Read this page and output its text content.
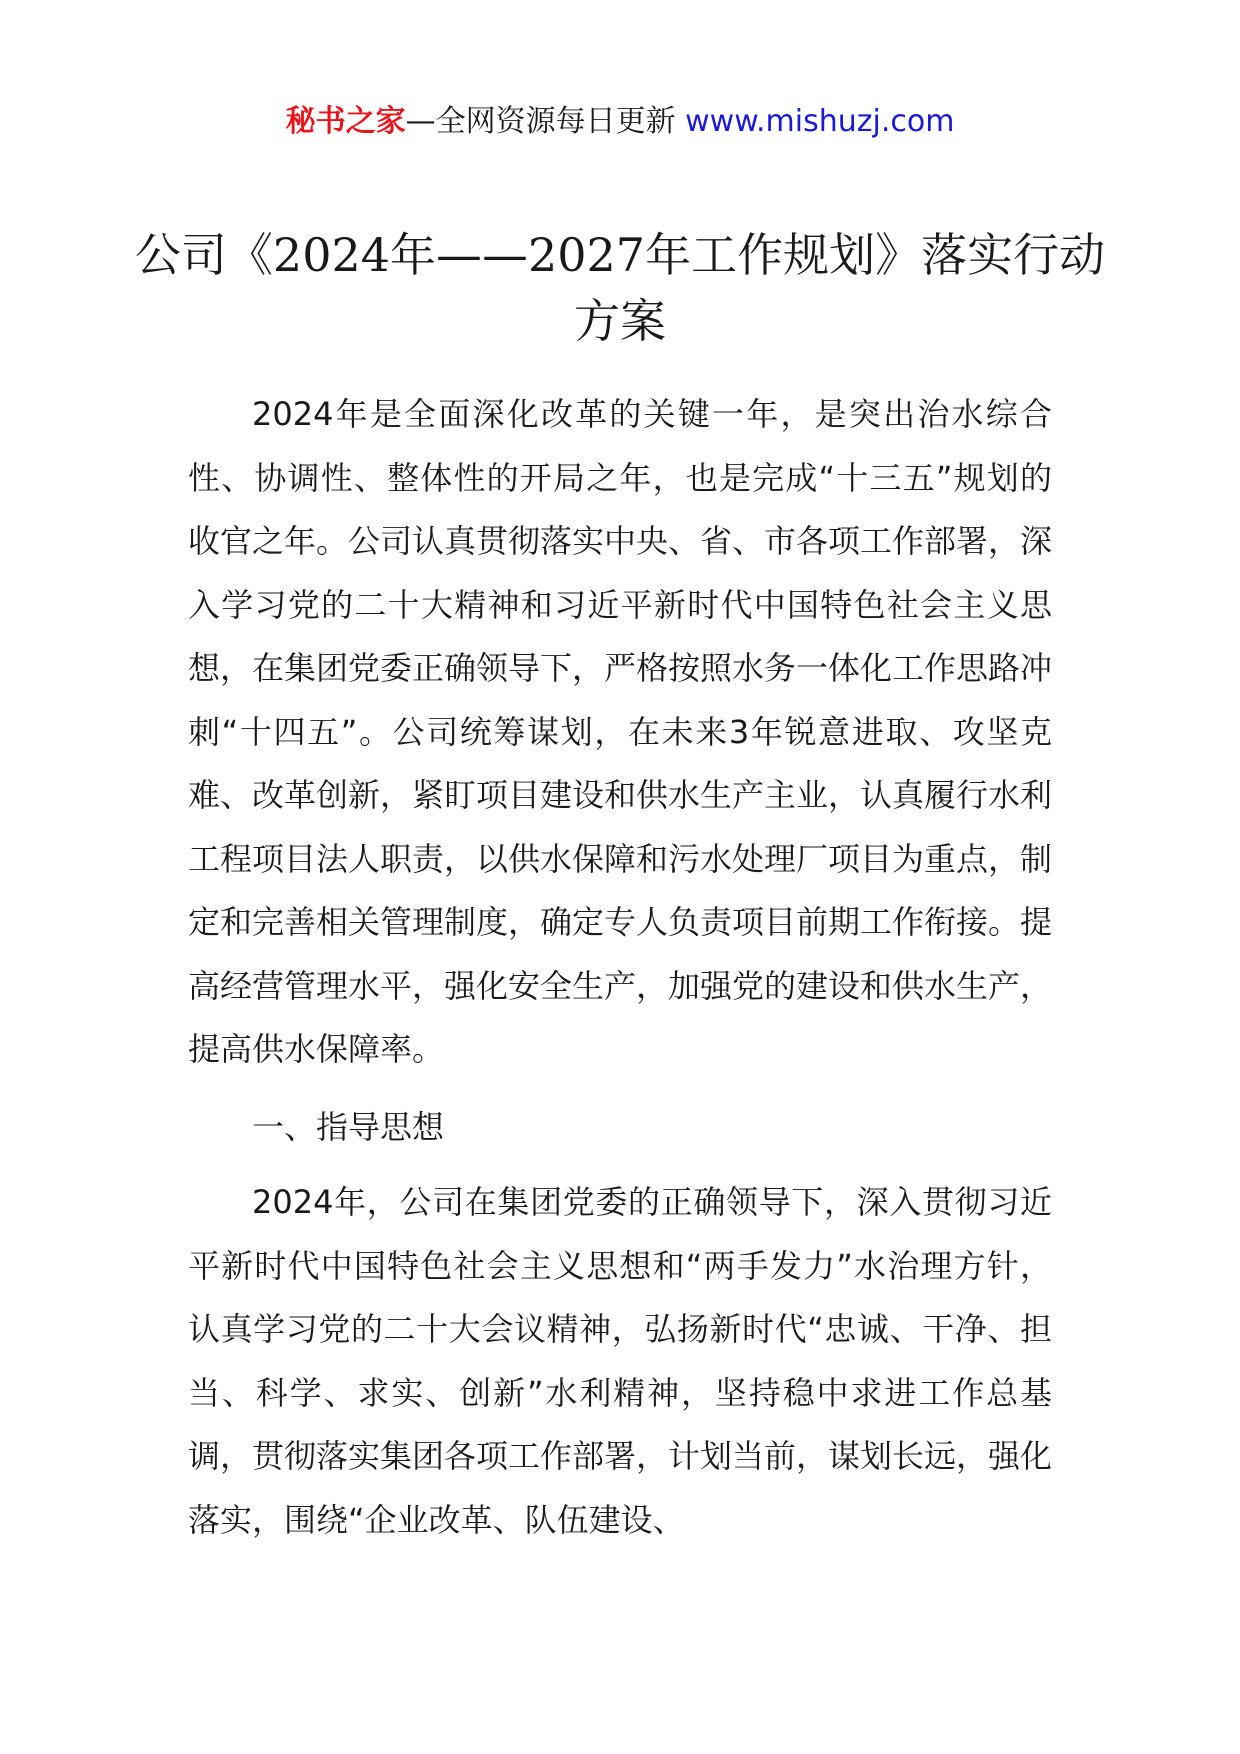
秘书之家—全网资源每日更新 www.mishuzj.com
公司《2024年——2027年工作规划》落实行动方案

2024年是全面深化改革的关键一年，是突出治水综合性、协调性、整体性的开局之年，也是完成“十三五”规划的收官之年。公司认真贯彻落实中央、省、市各项工作部署，深入学习党的二十大精神和习近平新时代中国特色社会主义思想，在集团党委正确领导下，严格按照水务一体化工作思路冲刺“十四五”。公司统筹谋划，在未来3年锐意进取、攻坚克难、改革创新，紧盯项目建设和供水生产主业，认真履行水利工程项目法人职责，以供水保障和污水处理厂项目为重点，制定和完善相关管理制度，确定专人负责项目前期工作衔接。提高经营管理水平，强化安全生产，加强党的建设和供水生产，提高供水保障率。

一、指导思想

2024年，公司在集团党委的正确领导下，深入贯彻习近平新时代中国特色社会主义思想和“两手发力”水治理方针，认真学习党的二十大会议精神，弘扬新时代“忠诚、干净、担当、科学、求实、创新”水利精神，坚持稳中求进工作总基调，贯彻落实集团各项工作部署，计划当前，谋划长远，强化落实，围绕“企业改革、队伍建设、
